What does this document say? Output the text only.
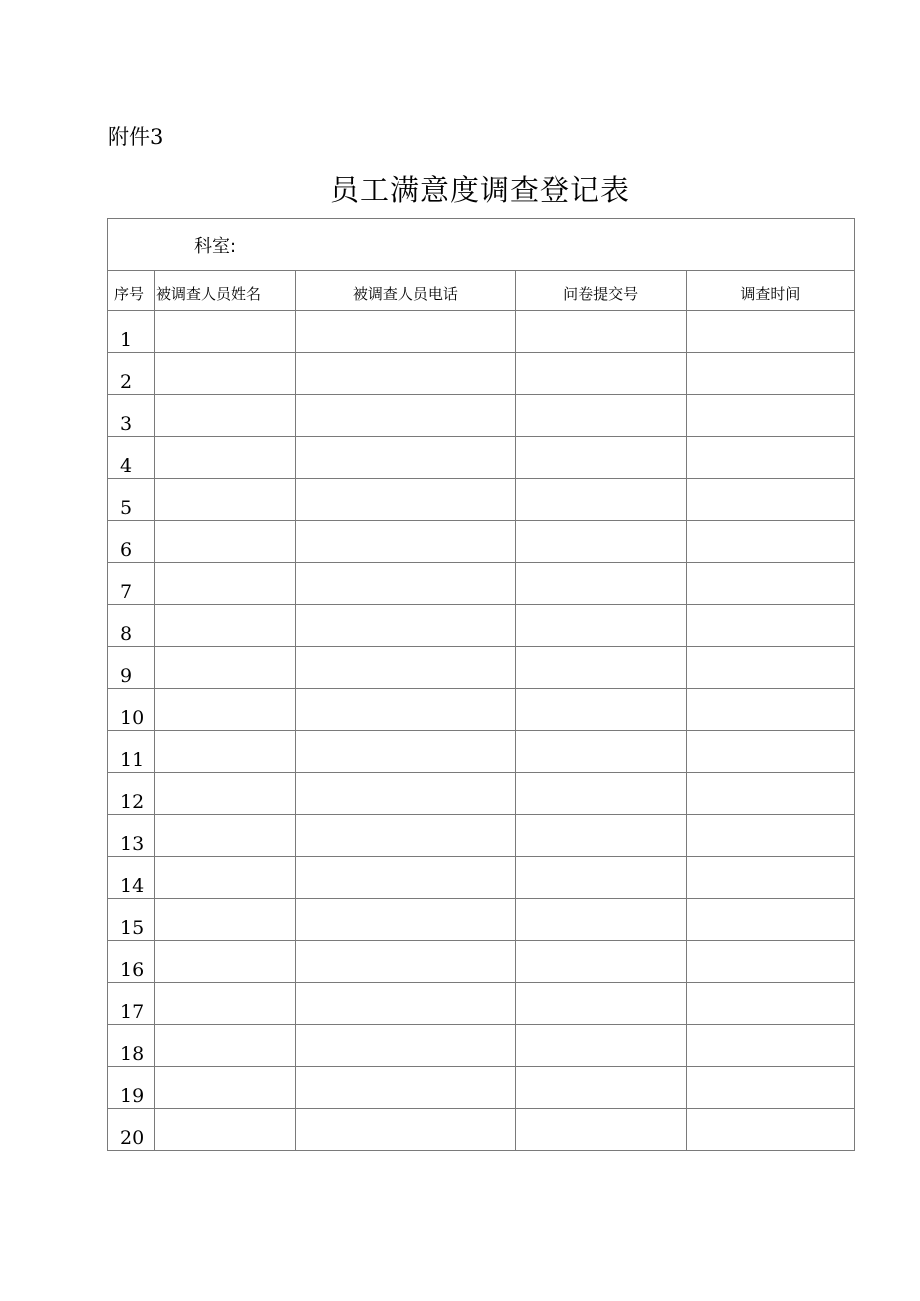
附件3
员工满意度调查登记表
科室:				
序号	被调查人员姓名	被调查人员电话	问卷提交号	调查时间
1				
2				
3				
4				
5				
6				
7				
8				
9				
10				
11				
12				
13				
14				
15				
16				
17				
18				
19				
20				
